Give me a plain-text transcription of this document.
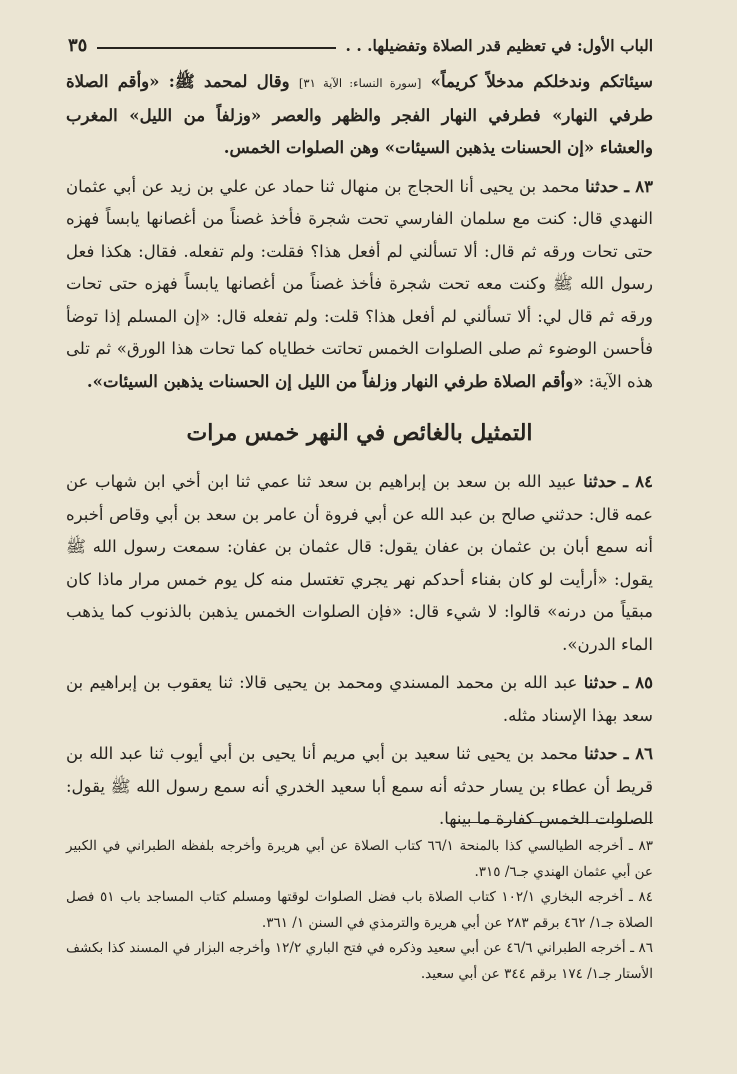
٣٥	الباب الأول: في تعظيم قدر الصلاة وتفضيلها. . .

سيئاتكم وندخلكم مدخلاً كريماً» [سورة النساء: الآية ٣١] وقال لمحمد ﷺ: «وأقم الصلاة طرفي النهار» فطرفي النهار الفجر والظهر والعصر «وزلفاً من الليل» المغرب والعشاء «إن الحسنات يذهبن السيئات» وهن الصلوات الخمس.

٨٣ ـ حدثنا محمد بن يحيى أنا الحجاج بن منهال ثنا حماد عن علي بن زيد عن أبي عثمان النهدي قال: كنت مع سلمان الفارسي تحت شجرة فأخذ غصناً من أغصانها يابساً فهزه حتى تحات ورقه ثم قال: ألا تسألني لم أفعل هذا؟ فقلت: ولم تفعله. فقال: هكذا فعل رسول الله ﷺ وكنت معه تحت شجرة فأخذ غصناً من أغصانها يابساً فهزه حتى تحات ورقه ثم قال لي: ألا تسألني لم أفعل هذا؟ قلت: ولم تفعله قال: «إن المسلم إذا توضأ فأحسن الوضوء ثم صلى الصلوات الخمس تحاتت خطاياه كما تحات هذا الورق» ثم تلى هذه الآية: «وأقم الصلاة طرفي النهار وزلفاً من الليل إن الحسنات يذهبن السيئات».

التمثيل بالغائص في النهر خمس مرات

٨٤ ـ حدثنا عبيد الله بن سعد بن إبراهيم بن سعد ثنا عمي ثنا ابن أخي ابن شهاب عن عمه قال: حدثني صالح بن عبد الله عن أبي فروة أن عامر بن سعد بن أبي وقاص أخبره أنه سمع أبان بن عثمان بن عفان يقول: قال عثمان بن عفان: سمعت رسول الله ﷺ يقول: «أرأيت لو كان بفناء أحدكم نهر يجري تغتسل منه كل يوم خمس مرار ماذا كان مبقياً من درنه» قالوا: لا شيء قال: «فإن الصلوات الخمس يذهبن بالذنوب كما يذهب الماء الدرن».

٨٥ ـ حدثنا عبد الله بن محمد المسندي ومحمد بن يحيى قالا: ثنا يعقوب بن إبراهيم بن سعد بهذا الإسناد مثله.

٨٦ ـ حدثنا محمد بن يحيى ثنا سعيد بن أبي مريم أنا يحيى بن أبي أيوب ثنا عبد الله بن قريط أن عطاء بن يسار حدثه أنه سمع أبا سعيد الخدري أنه سمع رسول الله ﷺ يقول: الصلوات الخمس كفارة ما بينها.

٨٣ ـ أخرجه الطيالسي كذا بالمنحة ٦٦/١ كتاب الصلاة عن أبي هريرة وأخرجه بلفظه الطبراني في الكبير عن أبي عثمان الهندي جـ٦/ ٣١٥.

٨٤ ـ أخرجه البخاري ١٠٢/١ كتاب الصلاة باب فضل الصلوات لوقتها ومسلم كتاب المساجد باب ٥١ فصل الصلاة جـ١/ ٤٦٢ برقم ٢٨٣ عن أبي هريرة والترمذي في السنن ١/ ٣٦١.

٨٦ ـ أخرجه الطبراني ٤٦/٦ عن أبي سعيد وذكره في فتح الباري ١٢/٢ وأخرجه البزار في المسند كذا بكشف الأستار جـ١/ ١٧٤ برقم ٣٤٤ عن أبي سعيد.
